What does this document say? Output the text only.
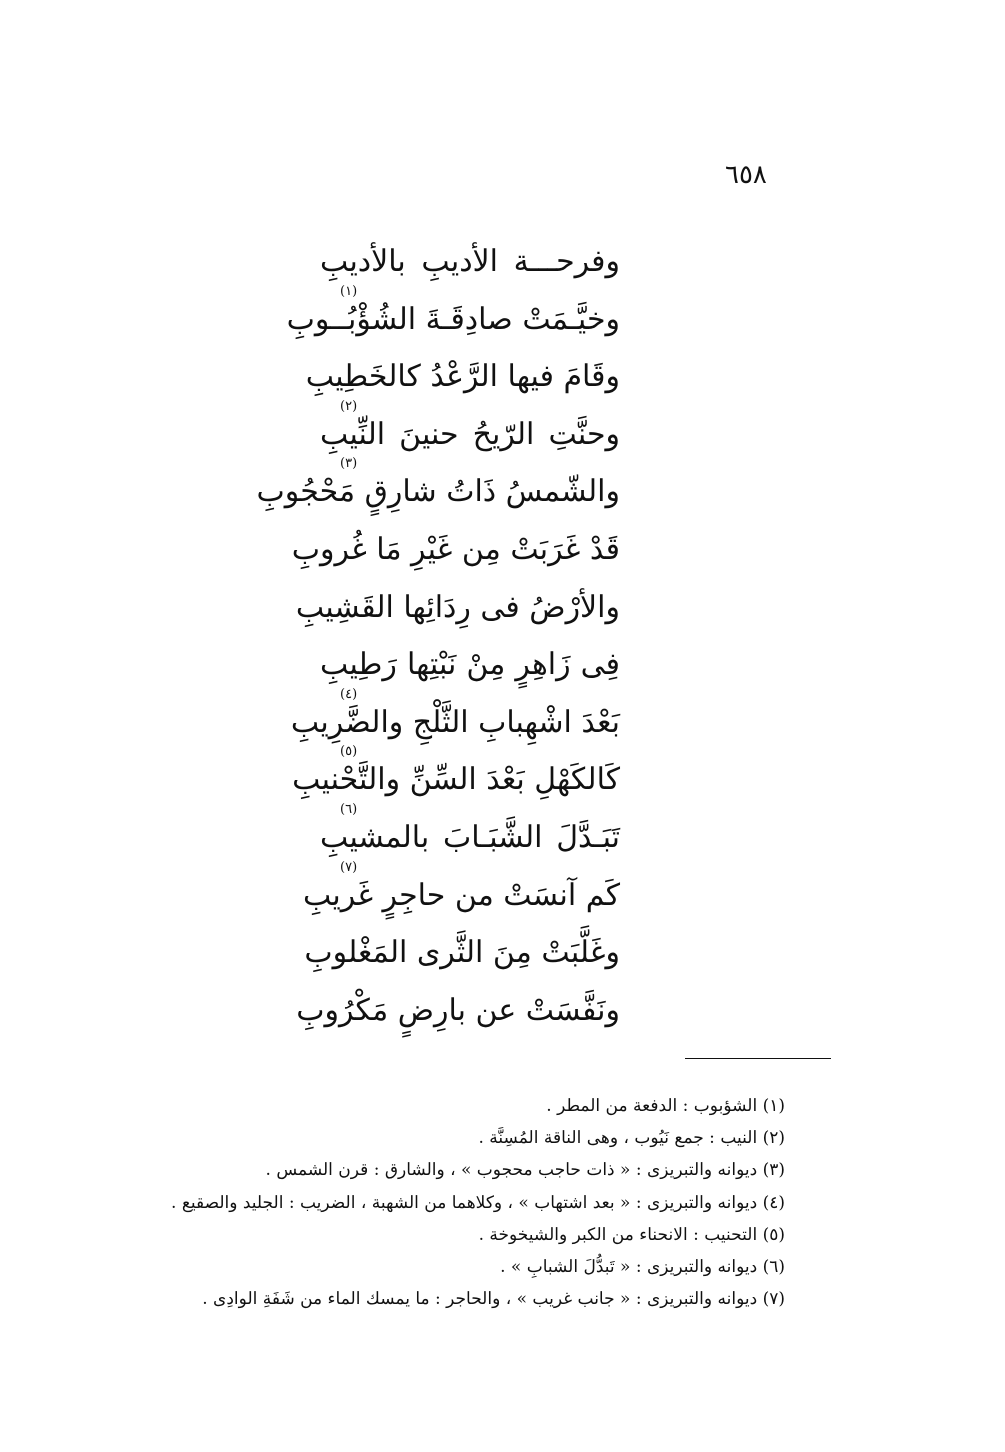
٦٥٨
وفرحـــة الأديبِ بالأديبِ
وخيَّـمَتْ صادِقَـةَ الشُؤْبُــوبِ
(١)
وقَامَ فيها الرَّعْدُ كالخَطِيبِ
وحنَّتِ الرّيحُ حنينَ النِّيبِ
(٢)
والشّمسُ ذَاتُ شارِقٍ مَحْجُوبِ
(٣)
قَدْ غَرَبَتْ مِن غَيْرِ مَا غُروبِ
والأرْضُ فى رِدَائِها القَشِيبِ
فِى زَاهِرٍ مِنْ نَبْتِها رَطِيبِ
بَعْدَ اشْهِبابِ الثَّلْجِ والضَّرِيبِ
(٤)
كَالكَهْلِ بَعْدَ السِّنِّ والتَّحْنيبِ
(٥)
تَبَـدَّلَ الشَّبَـابَ بالمشيبِ
(٦)
كَم آنسَتْ من حاجِرٍ غَريبِ
(٧)
وغَلَّبَتْ مِنَ الثَّرى المَغْلوبِ
ونَفَّسَتْ عن بارِضٍ مَكْرُوبِ
(١) الشؤبوب : الدفعة من المطر .
(٢) النيب : جمع نَيُوب ، وهى الناقة المُسِنَّة .
(٣) ديوانه والتبريزى : « ذات حاجب محجوب » ، والشارق : قرن الشمس .
(٤) ديوانه والتبريزى : « بعد اشتهاب » ، وكلاهما من الشهبة ، الضريب : الجليد والصقيع .
(٥) التحنيب : الانحناء من الكبر والشيخوخة .
(٦) ديوانه والتبريزى : « تَبدُّلَ الشبابِ » .
(٧) ديوانه والتبريزى : « جانب غريب » ، والحاجر : ما يمسك الماء من شَفَةِ الوادِى .
